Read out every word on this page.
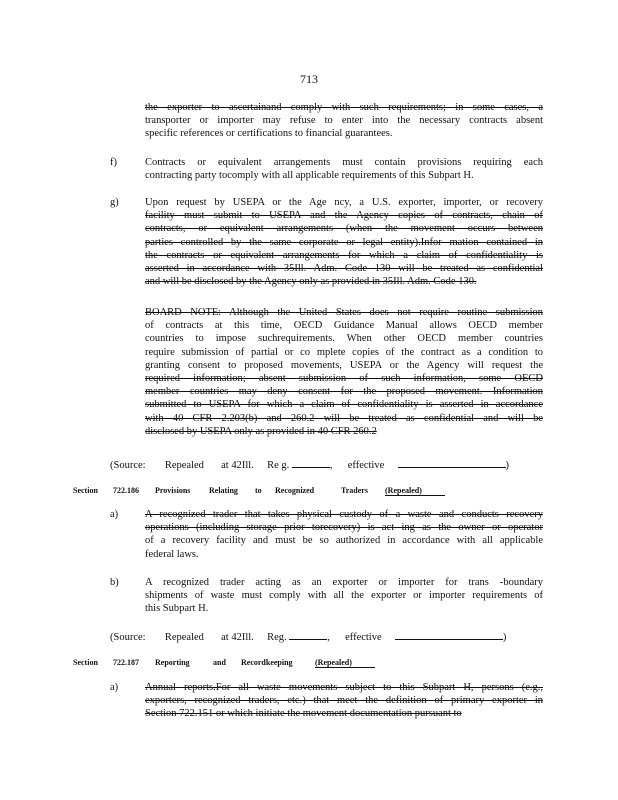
713
the exporter to ascertainand comply with such requirements; in some cases, a
transporter or importer may refuse to enter into the necessary contracts absent
specific references or certifications to financial guarantees.
f)	Contracts or equivalent arrangements must contain provisions requiring each
contracting party tocomply with all applicable requirements of this Subpart H.
g)	Upon request by USEPA or the Age ncy, a U.S. exporter, importer, or recovery
facility must submit to USEPA and the Agency copies of contracts, chain of
contracts, or equivalent arrangements (when the movement occurs between
parties controlled by the same corporate or legal entity).Infor mation contained in
the contracts or equivalent arrangements for which a claim of confidentiality is
asserted in accordance with 35Ill. Adm. Code 130 will be treated as confidential
and will be disclosed by the Agency only as provided in 35Ill. Adm. Code 130.
BOARD NOTE: Although the United States does not require routine submission
of contracts at this time, OECD Guidance Manual allows OECD member
countries to impose suchrequirements. When other OECD member countries
require submission of partial or co mplete copies of the contract as a condition to
granting consent to proposed movements, USEPA or the Agency will request the
required information; absent submission of such information, some OECD
member countries may deny consent for the proposed movement. Information
submitted to USEPA for which a claim of confidentiality is asserted in accordance
with 40 CFR 2.203(b) and 260.2 will be treated as confidential and will be
disclosed by USEPA only as provided in 40 CFR 260.2
(Source: Repealed at 42Ill. Re g.	, effective	)
Section 722.186 Provisions Relating to Recognized	Traders (Repealed)
a)	A recognized trader that takes physical custody of a waste and conducts recovery
operations (including storage prior torecovery) is act ing as the owner or operator
of a recovery facility and must be so authorized in accordance with all applicable
federal laws.
b)	A recognized trader acting as an exporter or importer for trans -boundary
shipments of waste must comply with all the exporter or importer requirements of
this Subpart H.
(Source: Repealed at 42Ill. Reg.	, effective	)
Section 722.187 Reporting	and Recordkeeping	(Repealed)
a)	Annual reports.For all waste movements subject to this Subpart H, persons (e.g.,
exporters, recognized traders, etc.) that meet the definition of primary exporter in
Section 722.151 or which initiate the movement documentation pursuant to
